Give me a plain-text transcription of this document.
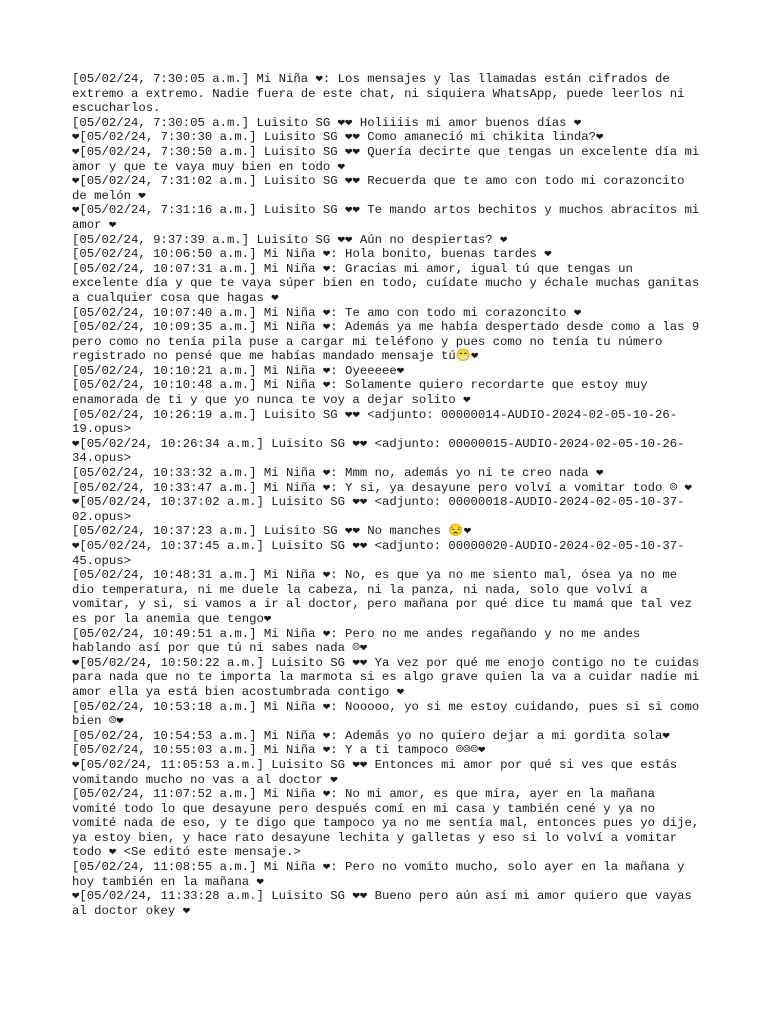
[05/02/24, 7:30:05 a.m.] Mi Niña ❤: Los mensajes y las llamadas están cifrados de extremo a extremo. Nadie fuera de este chat, ni siquiera WhatsApp, puede leerlos ni escucharlos.

[05/02/24, 7:30:05 a.m.] Luisito SG ❤❤ Holiiiis mi amor buenos días ❤

❤[05/02/24, 7:30:30 a.m.] Luisito SG ❤❤ Como amaneció mi chikita linda?❤

❤[05/02/24, 7:30:50 a.m.] Luisito SG ❤❤ Quería decirte que tengas un excelente día mi amor y que te vaya muy bien en todo ❤

❤[05/02/24, 7:31:02 a.m.] Luisito SG ❤❤ Recuerda que te amo con todo mi corazoncito de melón ❤

❤[05/02/24, 7:31:16 a.m.] Luisito SG ❤❤ Te mando artos bechitos y muchos abracitos mi amor ❤

[05/02/24, 9:37:39 a.m.] Luisito SG ❤❤ Aún no despiertas? ❤

[05/02/24, 10:06:50 a.m.] Mi Niña ❤: Hola bonito, buenas tardes ❤

[05/02/24, 10:07:31 a.m.] Mi Niña ❤: Gracias mi amor, igual tú que tengas un excelente día y que te vaya súper bien en todo, cuídate mucho y échale muchas ganitas a cualquier cosa que hagas ❤

[05/02/24, 10:07:40 a.m.] Mi Niña ❤: Te amo con todo mi corazoncito ❤

[05/02/24, 10:09:35 a.m.] Mi Niña ❤: Además ya me había despertado desde como a las 9 pero como no tenía pila puse a cargar mi teléfono y pues como no tenía tu número registrado no pensé que me habías mandado mensaje tú😁❤

[05/02/24, 10:10:21 a.m.] Mi Niña ❤: Oyeeeee❤

[05/02/24, 10:10:48 a.m.] Mi Niña ❤: Solamente quiero recordarte que estoy muy enamorada de ti y que yo nunca te voy a dejar solito ❤

[05/02/24, 10:26:19 a.m.] Luisito SG ❤❤ <adjunto: 00000014-AUDIO-2024-02-05-10-26-19.opus>

❤[05/02/24, 10:26:34 a.m.] Luisito SG ❤❤ <adjunto: 00000015-AUDIO-2024-02-05-10-26-34.opus>

[05/02/24, 10:33:32 a.m.] Mi Niña ❤: Mmm no, además yo ni te creo nada ❤

[05/02/24, 10:33:47 a.m.] Mi Niña ❤: Y si, ya desayune pero volví a vomitar todo ☹ ❤

❤[05/02/24, 10:37:02 a.m.] Luisito SG ❤❤ <adjunto: 00000018-AUDIO-2024-02-05-10-37-02.opus>

[05/02/24, 10:37:23 a.m.] Luisito SG ❤❤ No manches 😒❤

❤[05/02/24, 10:37:45 a.m.] Luisito SG ❤❤ <adjunto: 00000020-AUDIO-2024-02-05-10-37-45.opus>

[05/02/24, 10:48:31 a.m.] Mi Niña ❤: No, es que ya no me siento mal, ósea ya no me dio temperatura, ni me duele la cabeza, ni la panza, ni nada, solo que volví a vomitar, y si, si vamos a ir al doctor, pero mañana por qué dice tu mamá que tal vez es por la anemia que tengo❤

[05/02/24, 10:49:51 a.m.] Mi Niña ❤: Pero no me andes regañando y no me andes hablando así por que tú ni sabes nada ☹❤

❤[05/02/24, 10:50:22 a.m.] Luisito SG ❤❤ Ya vez por qué me enojo contigo no te cuidas para nada que no te importa la marmota si es algo grave quien la va a cuidar nadie mi amor ella ya está bien acostumbrada contigo ❤

[05/02/24, 10:53:18 a.m.] Mi Niña ❤: Nooooo, yo si me estoy cuidando, pues si si como bien ☹❤

[05/02/24, 10:54:53 a.m.] Mi Niña ❤: Además yo no quiero dejar a mi gordita sola❤

[05/02/24, 10:55:03 a.m.] Mi Niña ❤: Y a ti tampoco ☹☹☹❤

❤[05/02/24, 11:05:53 a.m.] Luisito SG ❤❤ Entonces mi amor por qué si ves que estás vomitando mucho no vas a al doctor ❤

[05/02/24, 11:07:52 a.m.] Mi Niña ❤: No mi amor, es que mira, ayer en la mañana vomité todo lo que desayune pero después comí en mi casa y también cené y ya no vomité nada de eso, y te digo que tampoco ya no me sentía mal, entonces pues yo dije, ya estoy bien, y hace rato desayune lechita y galletas y eso si lo volví a vomitar todo ❤ <Se editó este mensaje.>

[05/02/24, 11:08:55 a.m.] Mi Niña ❤: Pero no vomito mucho, solo ayer en la mañana y hoy también en la mañana ❤

❤[05/02/24, 11:33:28 a.m.] Luisito SG ❤❤ Bueno pero aún así mi amor quiero que vayas al doctor okey ❤
